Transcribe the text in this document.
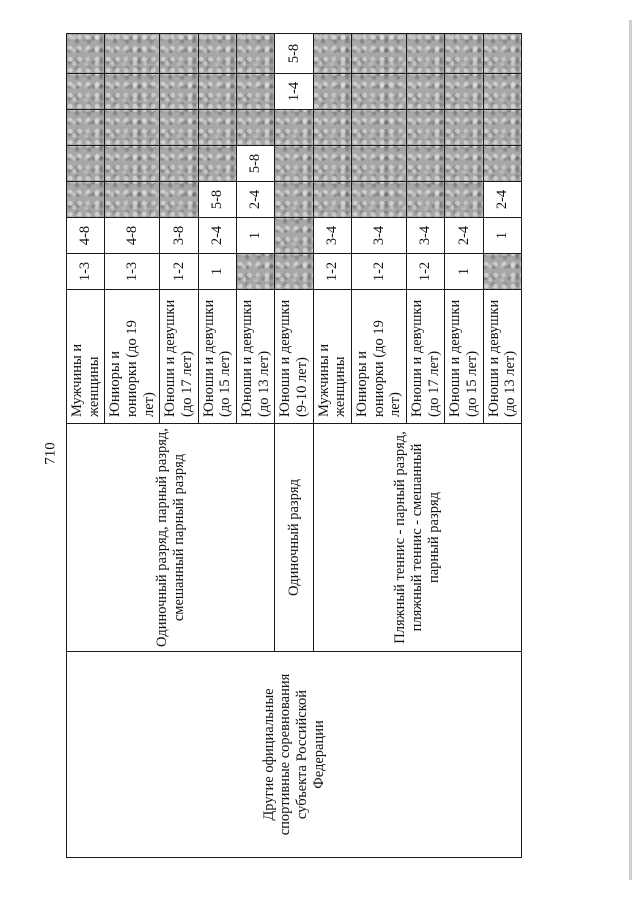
710
Другие официальные спортивные соревнования субъекта Российской Федерации	Одиночный разряд, парный разряд, смешанный парный разряд	Мужчины и женщины	1-3	4-8					
		Юниоры и юниорки (до 19 лет)	1-3	4-8					
		Юноши и девушки (до 17 лет)	1-2	3-8					
		Юноши и девушки (до 15 лет)	1	2-4	5-8				
		Юноши и девушки (до 13 лет)		1	2-4	5-8			
	Одиночный разряд	Юноши и девушки (9-10 лет)						1-4	5-8
	Пляжный теннис - парный разряд, пляжный теннис - смешанный парный разряд	Мужчины и женщины	1-2	3-4					
		Юниоры и юниорки (до 19 лет)	1-2	3-4					
		Юноши и девушки (до 17 лет)	1-2	3-4					
		Юноши и девушки (до 15 лет)	1	2-4					
		Юноши и девушки (до 13 лет)		1	2-4				
